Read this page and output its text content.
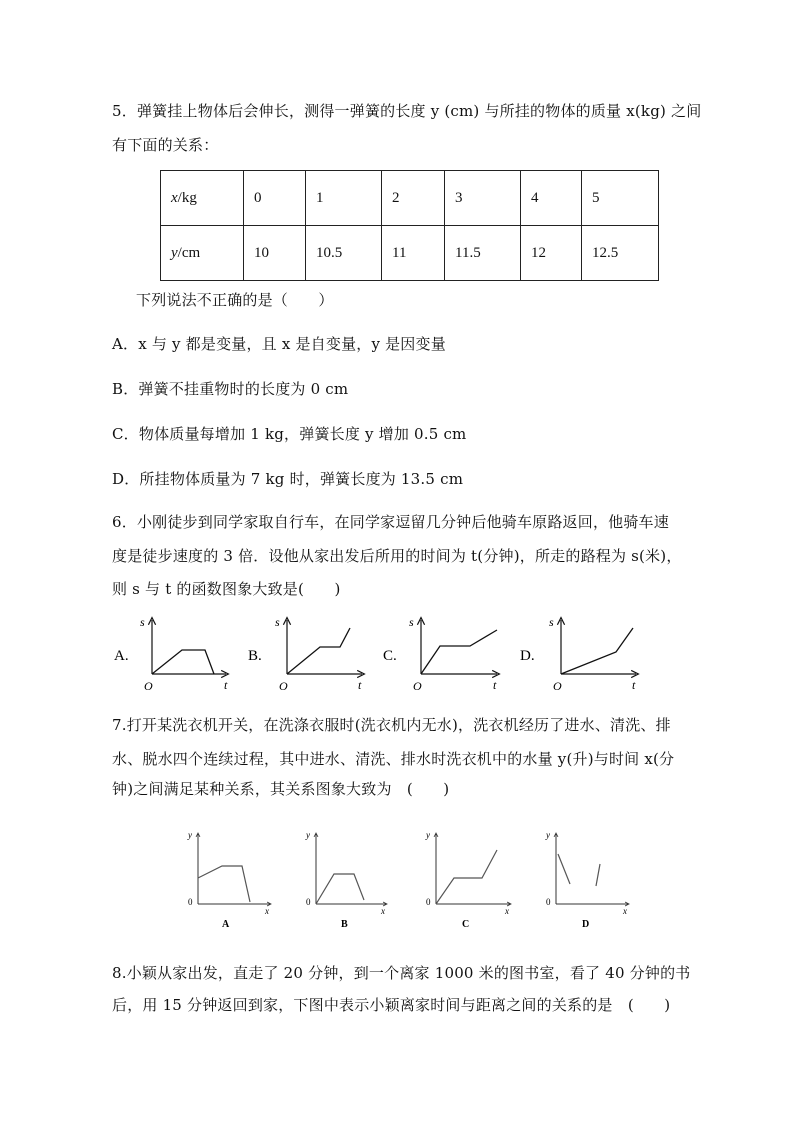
5．弹簧挂上物体后会伸长，测得一弹簧的长度 y (cm) 与所挂的物体的质量 x(kg) 之间
有下面的关系：
x/kg	0	1	2	3	4	5
y/cm	10	10.5	11	11.5	12	12.5
下列说法不正确的是（　　）
A．x 与 y 都是变量，且 x 是自变量，y 是因变量
B．弹簧不挂重物时的长度为 0 cm
C．物体质量每增加 1 kg，弹簧长度 y 增加 0.5 cm
D．所挂物体质量为 7 kg 时，弹簧长度为 13.5 cm
6．小刚徒步到同学家取自行车，在同学家逗留几分钟后他骑车原路返回，他骑车速
度是徒步速度的 3 倍．设他从家出发后所用的时间为 t(分钟)，所走的路程为 s(米)，
则 s 与 t 的函数图象大致是(　　)
A.
s
t
O
B.
s
t
O
C.
s
t
O
D.
s
t
O
7.打开某洗衣机开关，在洗涤衣服时(洗衣机内无水)，洗衣机经历了进水、清洗、排
水、脱水四个连续过程，其中进水、清洗、排水时洗衣机中的水量 y(升)与时间 x(分
钟)之间满足某种关系，其关系图象大致为　(　　)
y
x
0
A
y
x
0
B
y
x
0
C
y
x
0
D
8.小颖从家出发，直走了 20 分钟，到一个离家 1000 米的图书室，看了 40 分钟的书
后，用 15 分钟返回到家，下图中表示小颖离家时间与距离之间的关系的是　(　　)
